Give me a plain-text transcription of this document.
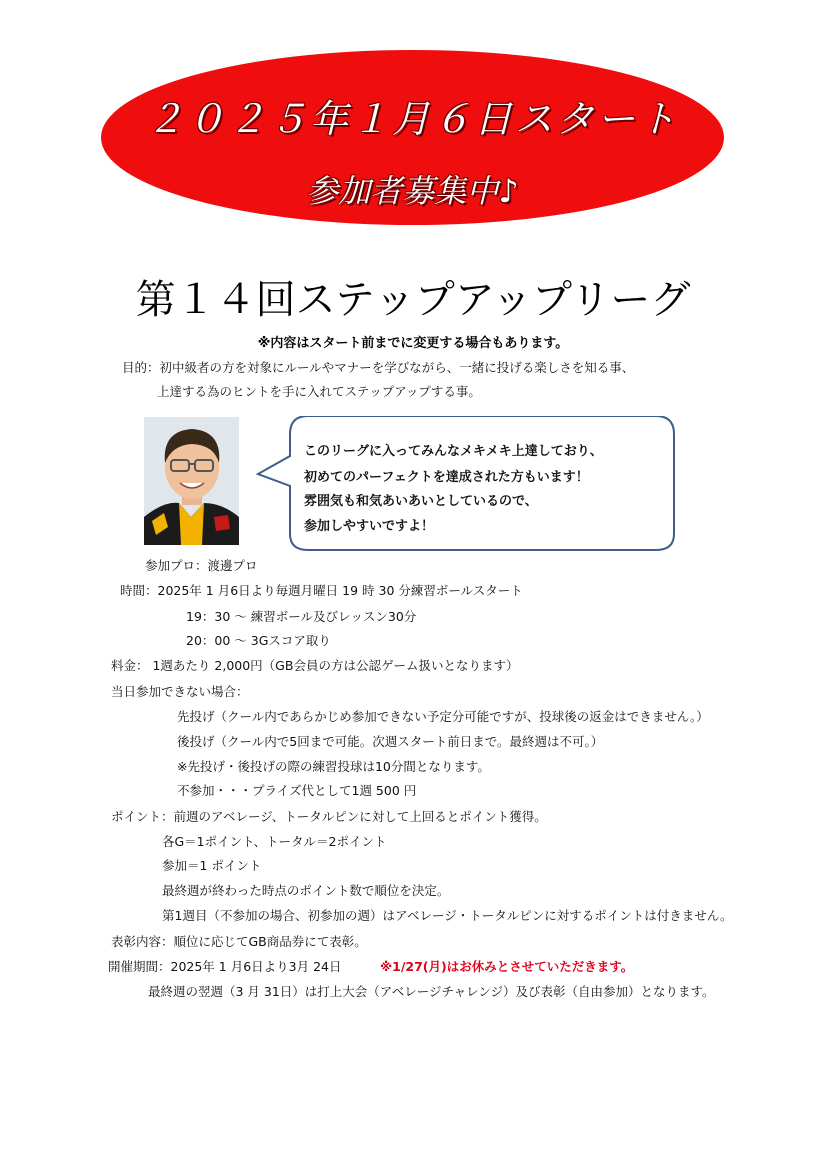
２０２５年１月６日スタート
参加者募集中♪
第１４回ステップアップリーグ
※内容はスタート前までに変更する場合もあります。
目的：初中級者の方を対象にルールやマナーを学びながら、一緒に投げる楽しさを知る事、
上達する為のヒントを手に入れてステップアップする事。
このリーグに入ってみんなメキメキ上達しており、
初めてのパーフェクトを達成された方もいます！
雰囲気も和気あいあいとしているので、
参加しやすいですよ！
参加プロ：渡邊プロ
時間：2025年 1 月6日より毎週月曜日 19 時 30 分練習ボールスタート
19：30 ～ 練習ボール及びレッスン30分
20：00 ～ 3Gスコア取り
料金： 1週あたり 2,000円（GB会員の方は公認ゲーム扱いとなります）
当日参加できない場合：
先投げ（クール内であらかじめ参加できない予定分可能ですが、投球後の返金はできません。）
後投げ（クール内で5回まで可能。次週スタート前日まで。最終週は不可。）
※先投げ・後投げの際の練習投球は10分間となります。
不参加・・・プライズ代として1週 500 円
ポイント：前週のアベレージ、トータルピンに対して上回るとポイント獲得。
各G＝1ポイント、トータル＝2ポイント
参加＝1 ポイント
最終週が終わった時点のポイント数で順位を決定。
第1週目（不参加の場合、初参加の週）はアベレージ・トータルピンに対するポイントは付きません。
表彰内容：順位に応じてGB商品券にて表彰。
開催期間：2025年 1 月6日より3月 24日	※1/27(月)はお休みとさせていただきます。
最終週の翌週（3 月 31日）は打上大会（アベレージチャレンジ）及び表彰（自由参加）となります。
